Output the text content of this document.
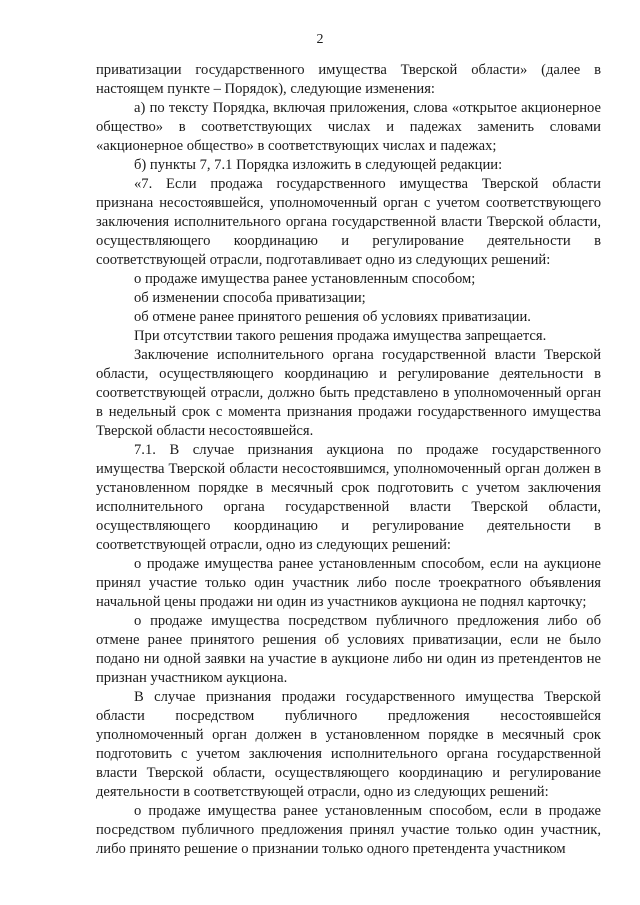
2

приватизации государственного имущества Тверской области» (далее в настоящем пункте – Порядок), следующие изменения:

а) по тексту Порядка, включая приложения, слова «открытое акционерное общество» в соответствующих числах и падежах заменить словами «акционерное общество» в соответствующих числах и падежах;

б) пункты 7, 7.1 Порядка изложить в следующей редакции:

«7. Если продажа государственного имущества Тверской области признана несостоявшейся, уполномоченный орган с учетом соответствующего заключения исполнительного органа государственной власти Тверской области, осуществляющего координацию и регулирование деятельности в соответствующей отрасли, подготавливает одно из следующих решений:

о продаже имущества ранее установленным способом;

об изменении способа приватизации;

об отмене ранее принятого решения об условиях приватизации.

При отсутствии такого решения продажа имущества запрещается.

Заключение исполнительного органа государственной власти Тверской области, осуществляющего координацию и регулирование деятельности в соответствующей отрасли, должно быть представлено в уполномоченный орган в недельный срок с момента признания продажи государственного имущества Тверской области несостоявшейся.

7.1. В случае признания аукциона по продаже государственного имущества Тверской области несостоявшимся, уполномоченный орган должен в установленном порядке в месячный срок подготовить с учетом заключения исполнительного органа государственной власти Тверской области, осуществляющего координацию и регулирование деятельности в соответствующей отрасли, одно из следующих решений:

о продаже имущества ранее установленным способом, если на аукционе принял участие только один участник либо после троекратного объявления начальной цены продажи ни один из участников аукциона не поднял карточку;

о продаже имущества посредством публичного предложения либо об отмене ранее принятого решения об условиях приватизации, если не было подано ни одной заявки на участие в аукционе либо ни один из претендентов не признан участником аукциона.

В случае признания продажи государственного имущества Тверской области посредством публичного предложения несостоявшейся уполномоченный орган должен в установленном порядке в месячный срок подготовить с учетом заключения исполнительного органа государственной власти Тверской области, осуществляющего координацию и регулирование деятельности в соответствующей отрасли, одно из следующих решений:

о продаже имущества ранее установленным способом, если в продаже посредством публичного предложения принял участие только один участник, либо принято решение о признании только одного претендента участником
